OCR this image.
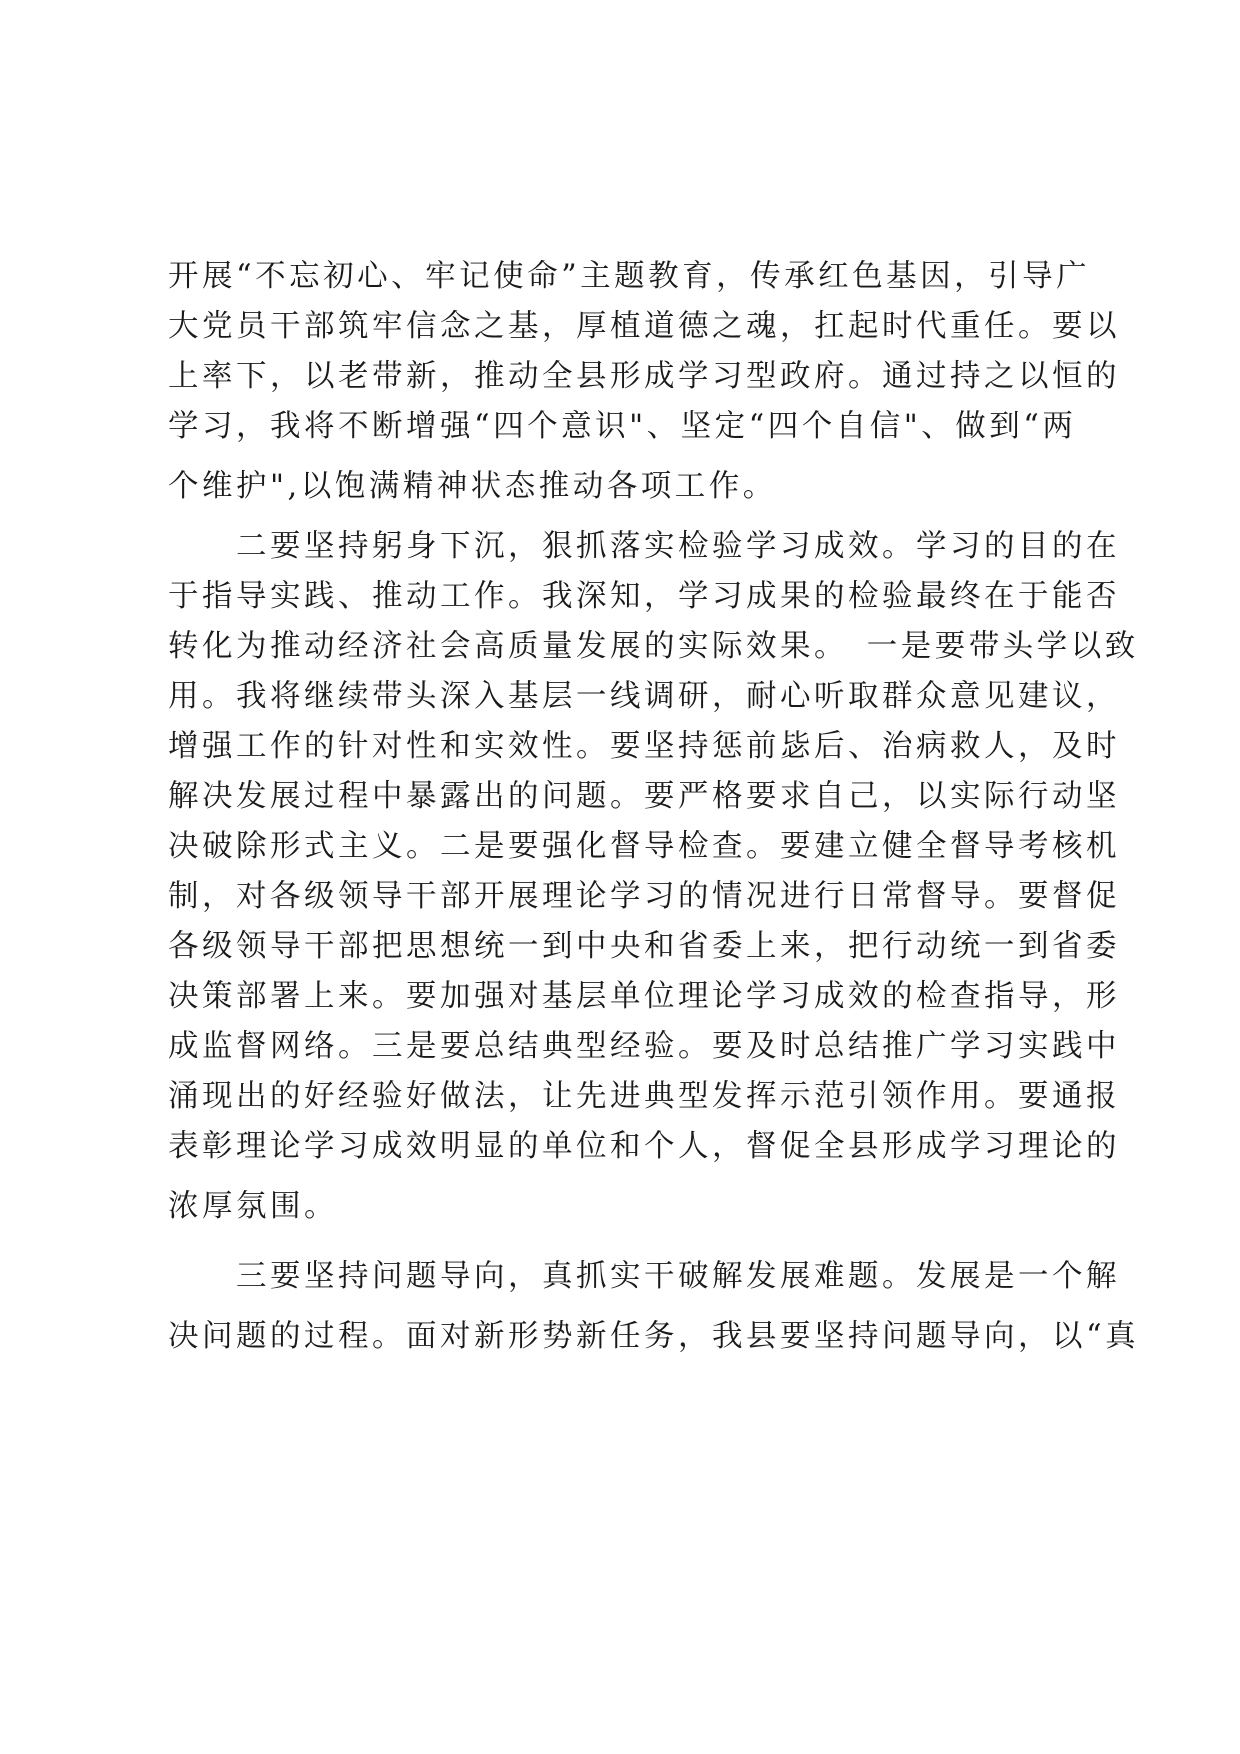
开展“不忘初心、牢记使命”主题教育，传承红色基因，引导广
大党员干部筑牢信念之基，厚植道德之魂，扛起时代重任。要以
上率下，以老带新，推动全县形成学习型政府。通过持之以恒的
学习，我将不断增强“四个意识"、坚定“四个自信"、做到“两
个维护",以饱满精神状态推动各项工作。
二要坚持躬身下沉，狠抓落实检验学习成效。学习的目的在
于指导实践、推动工作。我深知，学习成果的检验最终在于能否
转化为推动经济社会高质量发展的实际效果。　一是要带头学以致
用。我将继续带头深入基层一线调研，耐心听取群众意见建议，
增强工作的针对性和实效性。要坚持惩前毖后、治病救人，及时
解决发展过程中暴露出的问题。要严格要求自己，以实际行动坚
决破除形式主义。二是要强化督导检查。要建立健全督导考核机
制，对各级领导干部开展理论学习的情况进行日常督导。要督促
各级领导干部把思想统一到中央和省委上来，把行动统一到省委
决策部署上来。要加强对基层单位理论学习成效的检查指导，形
成监督网络。三是要总结典型经验。要及时总结推广学习实践中
涌现出的好经验好做法，让先进典型发挥示范引领作用。要通报
表彰理论学习成效明显的单位和个人，督促全县形成学习理论的
浓厚氛围。
三要坚持问题导向，真抓实干破解发展难题。发展是一个解
决问题的过程。面对新形势新任务，我县要坚持问题导向，以“真
